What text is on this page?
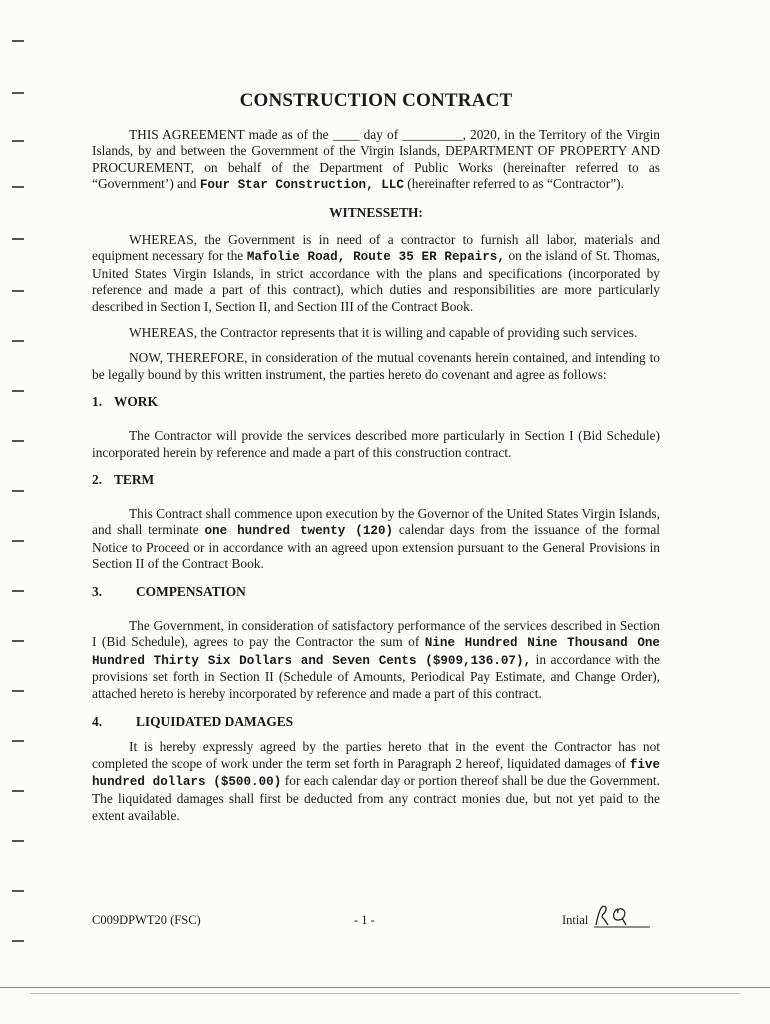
CONSTRUCTION CONTRACT

THIS AGREEMENT made as of the ____ day of _________, 2020, in the Territory of the Virgin Islands, by and between the Government of the Virgin Islands, DEPARTMENT OF PROPERTY AND PROCUREMENT, on behalf of the Department of Public Works (hereinafter referred to as “Government’) and Four Star Construction, LLC (hereinafter referred to as “Contractor”).

WITNESSETH:

WHEREAS, the Government is in need of a contractor to furnish all labor, materials and equipment necessary for the Mafolie Road, Route 35 ER Repairs, on the island of St. Thomas, United States Virgin Islands, in strict accordance with the plans and specifications (incorporated by reference and made a part of this contract), which duties and responsibilities are more particularly described in Section I, Section II, and Section III of the Contract Book.

WHEREAS, the Contractor represents that it is willing and capable of providing such services.

NOW, THEREFORE, in consideration of the mutual covenants herein contained, and intending to be legally bound by this written instrument, the parties hereto do covenant and agree as follows:

1. WORK

The Contractor will provide the services described more particularly in Section I (Bid Schedule) incorporated herein by reference and made a part of this construction contract.

2. TERM

This Contract shall commence upon execution by the Governor of the United States Virgin Islands, and shall terminate one hundred twenty (120) calendar days from the issuance of the formal Notice to Proceed or in accordance with an agreed upon extension pursuant to the General Provisions in Section II of the Contract Book.

3.	COMPENSATION

The Government, in consideration of satisfactory performance of the services described in Section I (Bid Schedule), agrees to pay the Contractor the sum of Nine Hundred Nine Thousand One Hundred Thirty Six Dollars and Seven Cents ($909,136.07), in accordance with the provisions set forth in Section II (Schedule of Amounts, Periodical Pay Estimate, and Change Order), attached hereto is hereby incorporated by reference and made a part of this contract.

4.	LIQUIDATED DAMAGES

It is hereby expressly agreed by the parties hereto that in the event the Contractor has not completed the scope of work under the term set forth in Paragraph 2 hereof, liquidated damages of five hundred dollars ($500.00) for each calendar day or portion thereof shall be due the Government. The liquidated damages shall first be deducted from any contract monies due, but not yet paid to the extent available.

C009DPWT20 (FSC)	- 1 -	Intial
